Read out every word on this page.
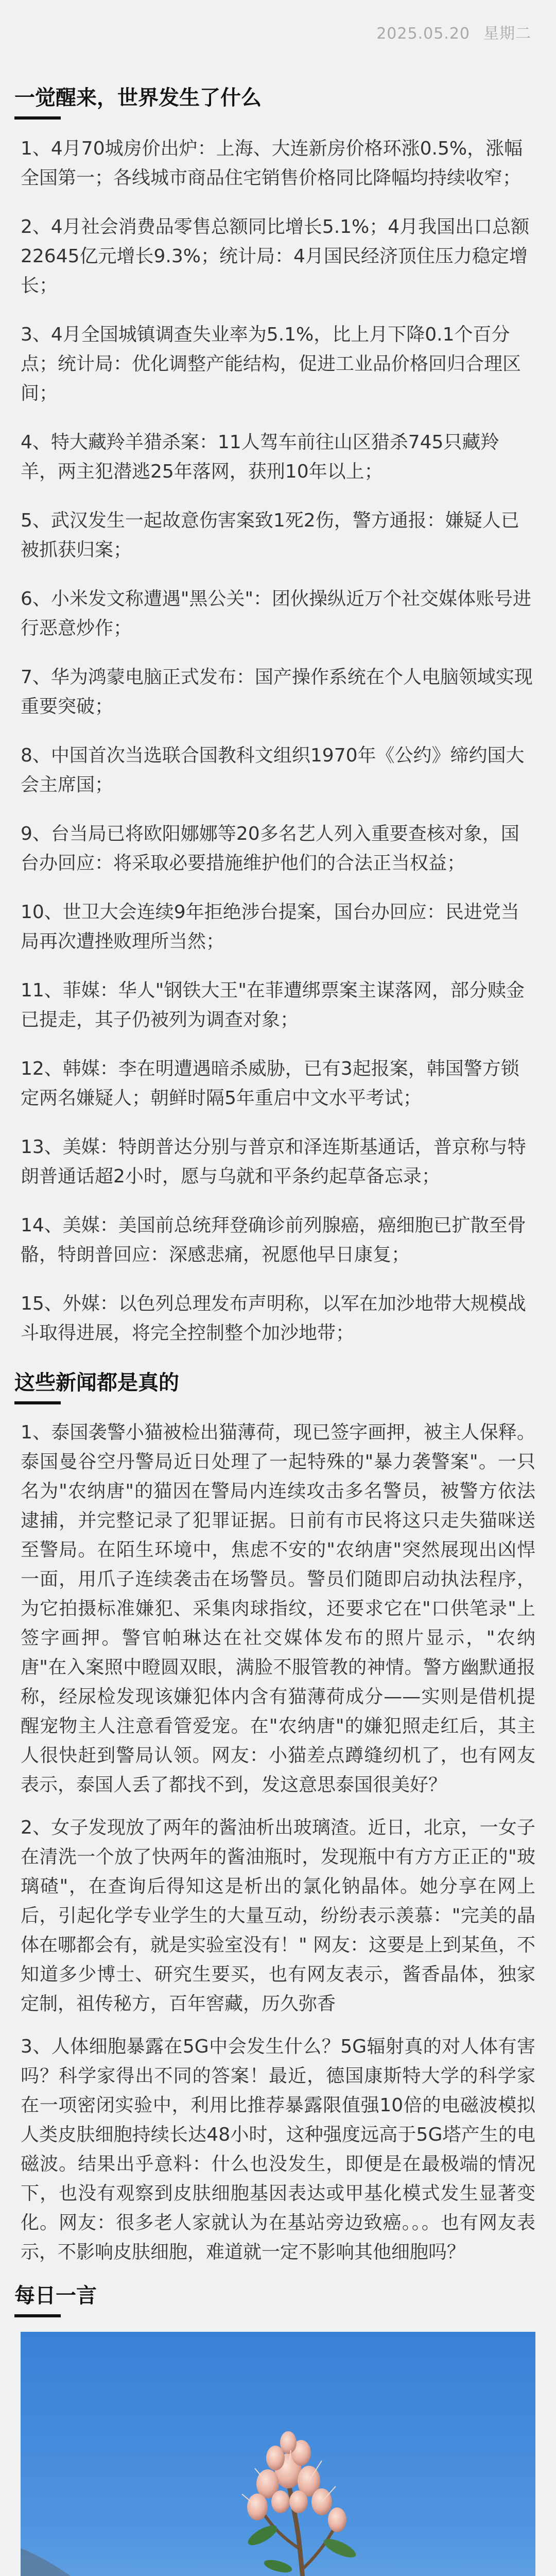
2025.05.20 星期二
一觉醒来，世界发生了什么
1、4月70城房价出炉：上海、大连新房价格环涨0.5%，涨幅全国第一；各线城市商品住宅销售价格同比降幅均持续收窄；
2、4月社会消费品零售总额同比增长5.1%；4月我国出口总额22645亿元增长9.3%；统计局：4月国民经济顶住压力稳定增长；
3、4月全国城镇调查失业率为5.1%，比上月下降0.1个百分点；统计局：优化调整产能结构，促进工业品价格回归合理区间；
4、特大藏羚羊猎杀案：11人驾车前往山区猎杀745只藏羚羊，两主犯潜逃25年落网，获刑10年以上；
5、武汉发生一起故意伤害案致1死2伤，警方通报：嫌疑人已被抓获归案；
6、小米发文称遭遇"黑公关"：团伙操纵近万个社交媒体账号进行恶意炒作；
7、华为鸿蒙电脑正式发布：国产操作系统在个人电脑领域实现重要突破；
8、中国首次当选联合国教科文组织1970年《公约》缔约国大会主席国；
9、台当局已将欧阳娜娜等20多名艺人列入重要查核对象，国台办回应：将采取必要措施维护他们的合法正当权益；
10、世卫大会连续9年拒绝涉台提案，国台办回应：民进党当局再次遭挫败理所当然；
11、菲媒：华人"钢铁大王"在菲遭绑票案主谋落网，部分赎金已提走，其子仍被列为调查对象；
12、韩媒：李在明遭遇暗杀威胁，已有3起报案，韩国警方锁定两名嫌疑人；朝鲜时隔5年重启中文水平考试；
13、美媒：特朗普达分别与普京和泽连斯基通话，普京称与特朗普通话超2小时，愿与乌就和平条约起草备忘录；
14、美媒：美国前总统拜登确诊前列腺癌，癌细胞已扩散至骨骼，特朗普回应：深感悲痛，祝愿他早日康复；
15、外媒：以色列总理发布声明称，以军在加沙地带大规模战斗取得进展，将完全控制整个加沙地带；
这些新闻都是真的
1、泰国袭警小猫被检出猫薄荷，现已签字画押，被主人保释。泰国曼谷空丹警局近日处理了一起特殊的"暴力袭警案"。一只名为"农纳唐"的猫因在警局内连续攻击多名警员，被警方依法逮捕，并完整记录了犯罪证据。日前有市民将这只走失猫咪送至警局。在陌生环境中，焦虑不安的"农纳唐"突然展现出凶悍一面，用爪子连续袭击在场警员。警员们随即启动执法程序，为它拍摄标准嫌犯、采集肉球指纹，还要求它在"口供笔录"上签字画押。警官帕琳达在社交媒体发布的照片显示，"农纳唐"在入案照中瞪圆双眼，满脸不服管教的神情。警方幽默通报称，经尿检发现该嫌犯体内含有猫薄荷成分——实则是借机提醒宠物主人注意看管爱宠。在"农纳唐"的嫌犯照走红后，其主人很快赶到警局认领。网友：小猫差点蹲缝纫机了，也有网友表示，泰国人丢了都找不到，发这意思泰国很美好？
2、女子发现放了两年的酱油析出玻璃渣。近日，北京，一女子在清洗一个放了快两年的酱油瓶时，发现瓶中有方方正正的"玻璃碴"，在查询后得知这是析出的氯化钠晶体。她分享在网上后，引起化学专业学生的大量互动，纷纷表示羡慕："完美的晶体在哪都会有，就是实验室没有！" 网友：这要是上到某鱼，不知道多少博士、研究生要买，也有网友表示，酱香晶体，独家定制，祖传秘方，百年窖藏，历久弥香
3、人体细胞暴露在5G中会发生什么？5G辐射真的对人体有害吗？科学家得出不同的答案！最近，德国康斯特大学的科学家在一项密闭实验中，利用比推荐暴露限值强10倍的电磁波模拟人类皮肤细胞持续长达48小时，这种强度远高于5G塔产生的电磁波。结果出乎意料：什么也没发生，即便是在最极端的情况下，也没有观察到皮肤细胞基因表达或甲基化模式发生显著变化。网友：很多老人家就认为在基站旁边致癌。。。也有网友表示，不影响皮肤细胞，难道就一定不影响其他细胞吗？
每日一言
